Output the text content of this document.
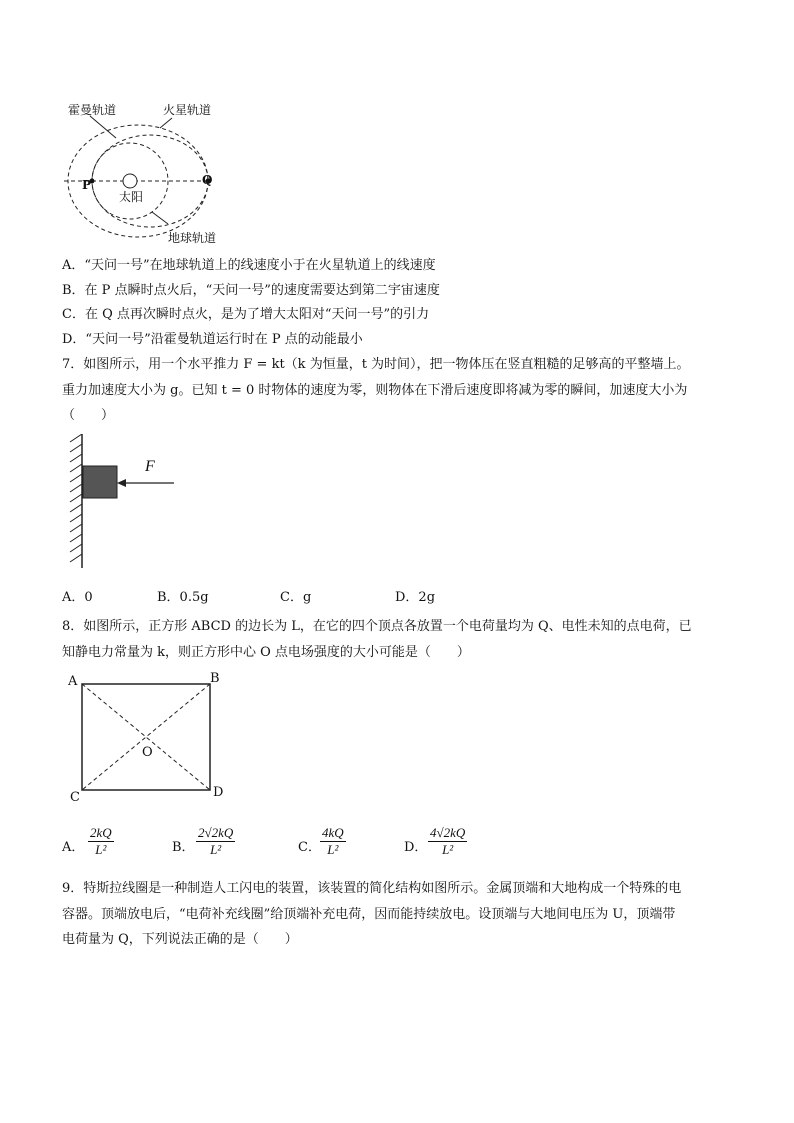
霍曼轨道	火星轨道
地球轨道
太阳
P	Q
A．“天问一号”在地球轨道上的线速度小于在火星轨道上的线速度
B．在 P 点瞬时点火后，“天问一号”的速度需要达到第二宇宙速度
C．在 Q 点再次瞬时点火，是为了增大太阳对“天问一号”的引力
D．“天问一号”沿霍曼轨道运行时在 P 点的动能最小
7．如图所示，用一个水平推力 F = kt（k 为恒量，t 为时间），把一物体压在竖直粗糙的足够高的平整墙上。
重力加速度大小为 g。已知 t = 0 时物体的速度为零，则物体在下滑后速度即将减为零的瞬间，加速度大小为
（　　）
F
A．0	B．0.5g	C．g	D．2g
8．如图所示，正方形 ABCD 的边长为 L，在它的四个顶点各放置一个电荷量均为 Q、电性未知的点电荷，已
知静电力常量为 k，则正方形中心 O 点电场强度的大小可能是（　　）
A	B
C	D
O
A． $\frac{2kQ}{\text{L²}}$	B． $\frac{2√2kQ}{\text{L²}}$	C． $\frac{4kQ}{\text{L²}}$	D． $\frac{4√2kQ}{\text{L²}}$
9．特斯拉线圈是一种制造人工闪电的装置，该装置的简化结构如图所示。金属顶端和大地构成一个特殊的电
容器。顶端放电后，“电荷补充线圈”给顶端补充电荷，因而能持续放电。设顶端与大地间电压为 U，顶端带
电荷量为 Q，下列说法正确的是（　　）
